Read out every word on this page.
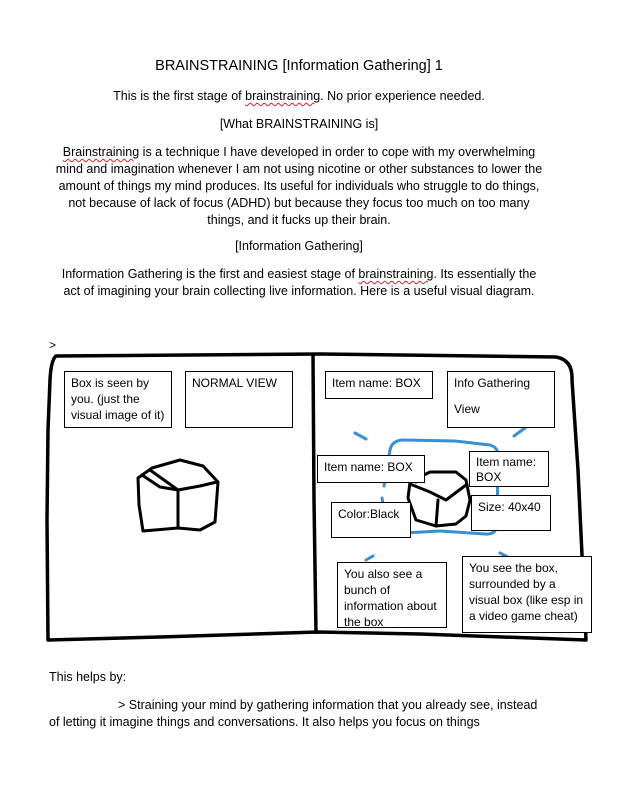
BRAINSTRAINING [Information Gathering] 1
This is the first stage of brainstraining. No prior experience needed.
[What BRAINSTRAINING is]
Brainstraining is a technique I have developed in order to cope with my overwhelming
mind and imagination whenever I am not using nicotine or other substances to lower the
amount of things my mind produces. Its useful for individuals who struggle to do things,
not because of lack of focus (ADHD) but because they focus too much on too many
things, and it fucks up their brain.
[Information Gathering]
Information Gathering is the first and easiest stage of brainstraining. Its essentially the
act of imagining your brain collecting live information. Here is a useful visual diagram.
>
Box is seen by you. (just the visual image of it)
NORMAL VIEW	Item name: BOX	Info Gathering
View
Item name: BOX	Item name: BOX
Color:Black	Size: 40x40
You also see a bunch of information about the box
You see the box, surrounded by a visual box (like esp in a video game cheat)
This helps by:
> Straining your mind by gathering information that you already see, instead
of letting it imagine things and conversations. It also helps you focus on things
